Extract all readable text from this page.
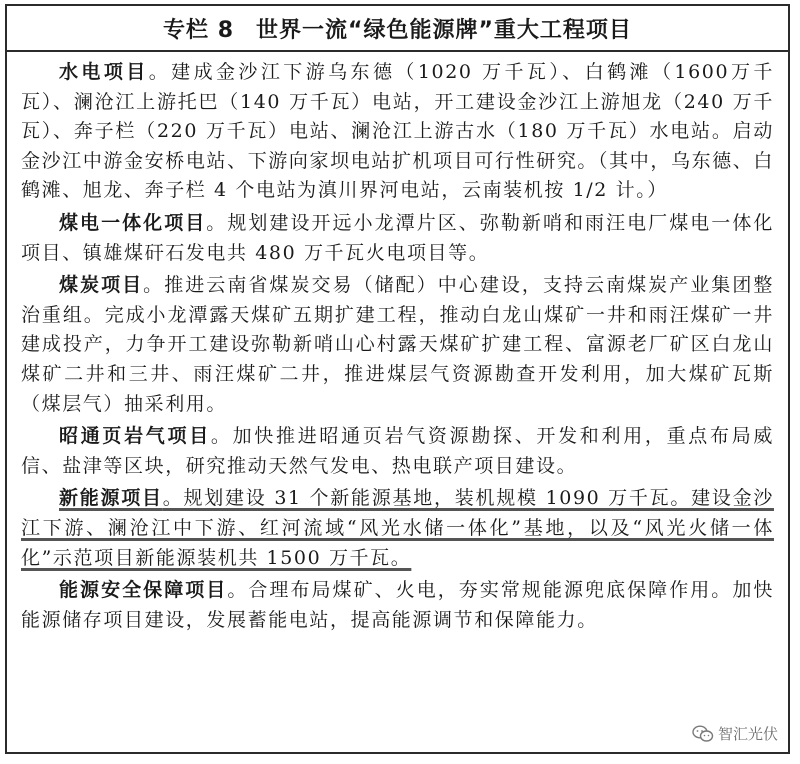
专栏 8 世界一流“绿色能源牌”重大工程项目

水电项目。建成金沙江下游乌东德（1020 万千瓦）、白鹤滩（1600万千瓦）、澜沧江上游托巴（140 万千瓦）电站，开工建设金沙江上游旭龙（240 万千瓦）、奔子栏（220 万千瓦）电站、澜沧江上游古水（180 万千瓦）水电站。启动金沙江中游金安桥电站、下游向家坝电站扩机项目可行性研究。（其中，乌东德、白鹤滩、旭龙、奔子栏 4 个电站为滇川界河电站，云南装机按 1/2 计。）

煤电一体化项目。规划建设开远小龙潭片区、弥勒新哨和雨汪电厂煤电一体化项目、镇雄煤矸石发电共 480 万千瓦火电项目等。

煤炭项目。推进云南省煤炭交易（储配）中心建设，支持云南煤炭产业集团整治重组。完成小龙潭露天煤矿五期扩建工程，推动白龙山煤矿一井和雨汪煤矿一井建成投产，力争开工建设弥勒新哨山心村露天煤矿扩建工程、富源老厂矿区白龙山煤矿二井和三井、雨汪煤矿二井，推进煤层气资源勘查开发利用，加大煤矿瓦斯（煤层气）抽采利用。

昭通页岩气项目。加快推进昭通页岩气资源勘探、开发和利用，重点布局威信、盐津等区块，研究推动天然气发电、热电联产项目建设。

新能源项目。规划建设 31 个新能源基地，装机规模 1090 万千瓦。建设金沙江下游、澜沧江中下游、红河流域“风光水储一体化”基地，以及“风光火储一体化”示范项目新能源装机共 1500 万千瓦。

能源安全保障项目。合理布局煤矿、火电，夯实常规能源兜底保障作用。加快能源储存项目建设，发展蓄能电站，提高能源调节和保障能力。

智汇光伏
